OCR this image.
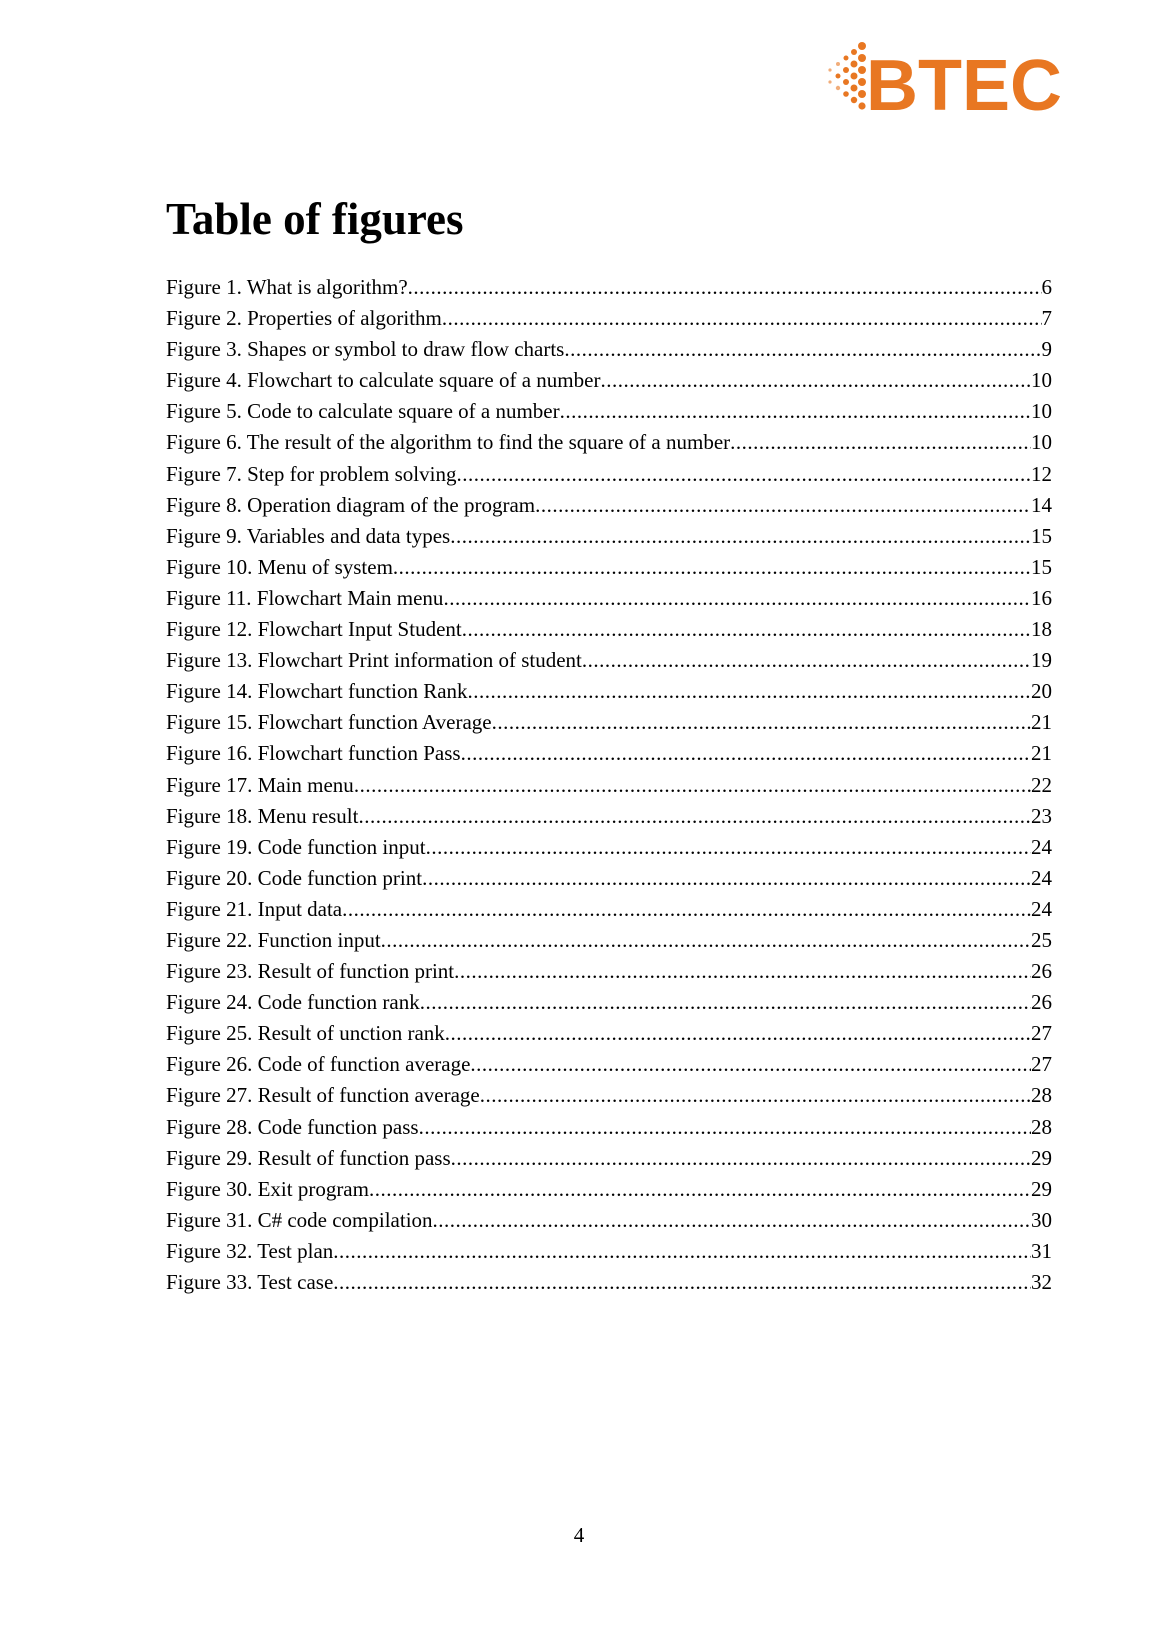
BTEC
Table of figures
Figure 1. What is algorithm? .....	6
Figure 2. Properties of algorithm .....	7
Figure 3. Shapes or symbol to draw flow charts .....	9
Figure 4. Flowchart to calculate square of a number .....	10
Figure 5. Code to calculate square of a number .....	10
Figure 6. The result of the algorithm to find the square of a number .....	10
Figure 7. Step for problem solving .....	12
Figure 8. Operation diagram of the program .....	14
Figure 9. Variables and data types .....	15
Figure 10. Menu of system .....	15
Figure 11. Flowchart Main menu .....	16
Figure 12. Flowchart Input Student .....	18
Figure 13. Flowchart Print information of student .....	19
Figure 14. Flowchart function Rank .....	20
Figure 15. Flowchart function Average .....	21
Figure 16. Flowchart function Pass .....	21
Figure 17. Main menu .....	22
Figure 18. Menu result .....	23
Figure 19. Code function input .....	24
Figure 20. Code function print .....	24
Figure 21. Input data .....	24
Figure 22. Function input .....	25
Figure 23. Result of function print .....	26
Figure 24. Code function rank .....	26
Figure 25. Result of unction rank .....	27
Figure 26. Code of function average .....	27
Figure 27. Result of function average .....	28
Figure 28. Code function pass .....	28
Figure 29. Result of function pass .....	29
Figure 30. Exit program .....	29
Figure 31. C# code compilation .....	30
Figure 32. Test plan .....	31
Figure 33. Test case .....	32
4
